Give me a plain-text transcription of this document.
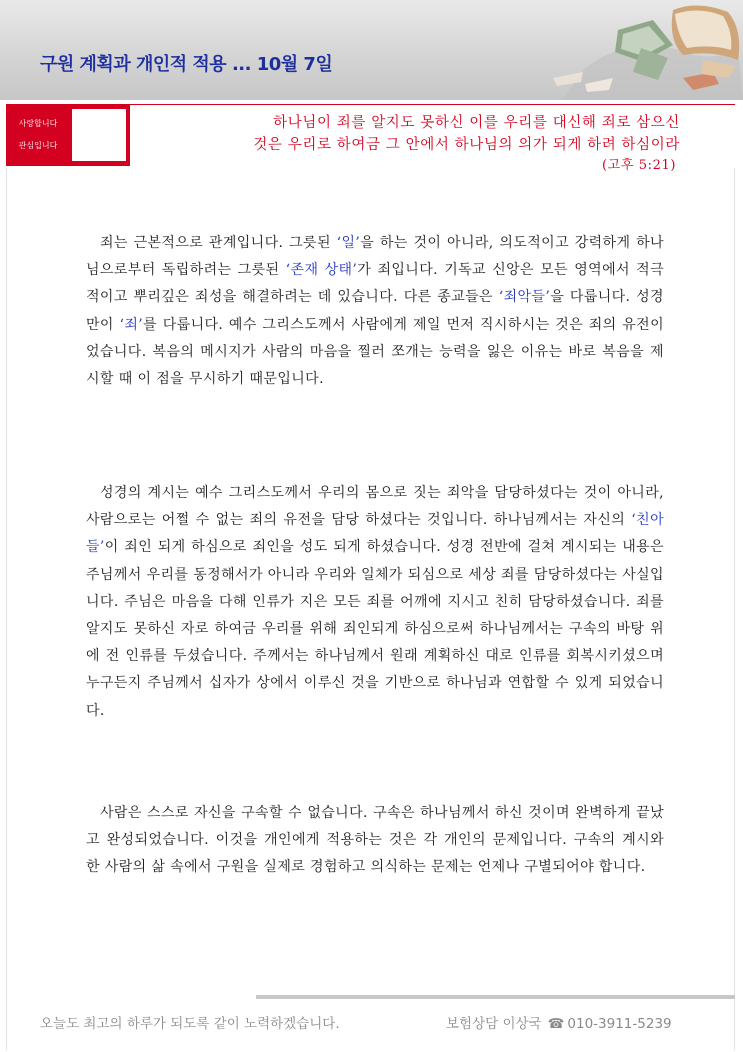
구원 계획과 개인적 적용 ... 10월 7일
사랑합니다
관심입니다
하나님이 죄를 알지도 못하신 이를 우리를 대신해 죄로 삼으신
것은 우리로 하여금 그 안에서 하나님의 의가 되게 하려 하심이라
(고후 5:21)
죄는 근본적으로 관계입니다. 그릇된 ‘일’을 하는 것이 아니라, 의도적이고 강력하게 하나님으로부터 독립하려는 그릇된 ‘존재 상태’가 죄입니다. 기독교 신앙은 모든 영역에서 적극적이고 뿌리깊은 죄성을 해결하려는 데 있습니다. 다른 종교들은 ‘죄악들’을 다룹니다. 성경만이 ‘죄’를 다룹니다. 예수 그리스도께서 사람에게 제일 먼저 직시하시는 것은 죄의 유전이었습니다. 복음의 메시지가 사람의 마음을 찔러 쪼개는 능력을 잃은 이유는 바로 복음을 제시할 때 이 점을 무시하기 때문입니다.
성경의 계시는 예수 그리스도께서 우리의 몸으로 짓는 죄악을 담당하셨다는 것이 아니라, 사람으로는 어쩔 수 없는 죄의 유전을 담당 하셨다는 것입니다. 하나님께서는 자신의 ‘친아들’이 죄인 되게 하심으로 죄인을 성도 되게 하셨습니다. 성경 전반에 걸쳐 계시되는 내용은 주님께서 우리를 동정해서가 아니라 우리와 일체가 되심으로 세상 죄를 담당하셨다는 사실입니다. 주님은 마음을 다해 인류가 지은 모든 죄를 어깨에 지시고 친히 담당하셨습니다. 죄를 알지도 못하신 자로 하여금 우리를 위해 죄인되게 하심으로써 하나님께서는 구속의 바탕 위에 전 인류를 두셨습니다. 주께서는 하나님께서 원래 계획하신 대로 인류를 회복시키셨으며 누구든지 주님께서 십자가 상에서 이루신 것을 기반으로 하나님과 연합할 수 있게 되었습니다.
사람은 스스로 자신을 구속할 수 없습니다. 구속은 하나님께서 하신 것이며 완벽하게 끝났고 완성되었습니다. 이것을 개인에게 적용하는 것은 각 개인의 문제입니다. 구속의 계시와 한 사람의 삶 속에서 구원을 실제로 경험하고 의식하는 문제는 언제나 구별되어야 합니다.
오늘도 최고의 하루가 되도록 같이 노력하겠습니다.	보험상담 이상국 ☎ 010-3911-5239
